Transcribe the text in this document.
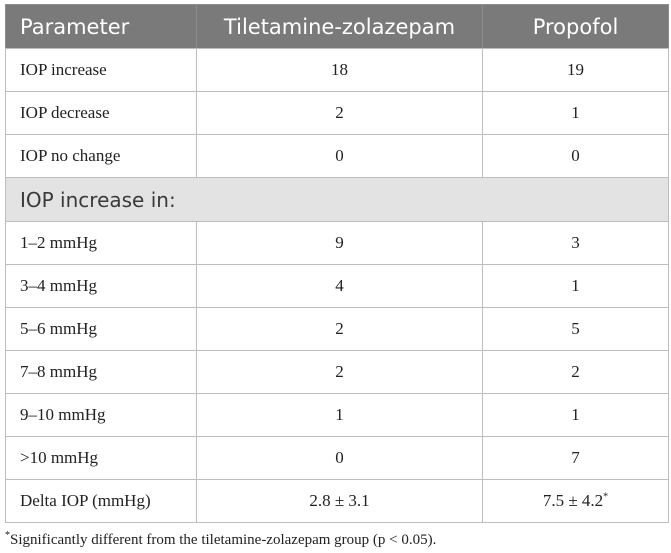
Parameter	Tiletamine-zolazepam	Propofol
IOP increase	18	19
IOP decrease	2	1
IOP no change	0	0
IOP increase in:		
1–2 mmHg	9	3
3–4 mmHg	4	1
5–6 mmHg	2	5
7–8 mmHg	2	2
9–10 mmHg	1	1
>10 mmHg	0	7
Delta IOP (mmHg)	2.8 ± 3.1	7.5 ± 4.2*
*Significantly different from the tiletamine-zolazepam group (p < 0.05).
